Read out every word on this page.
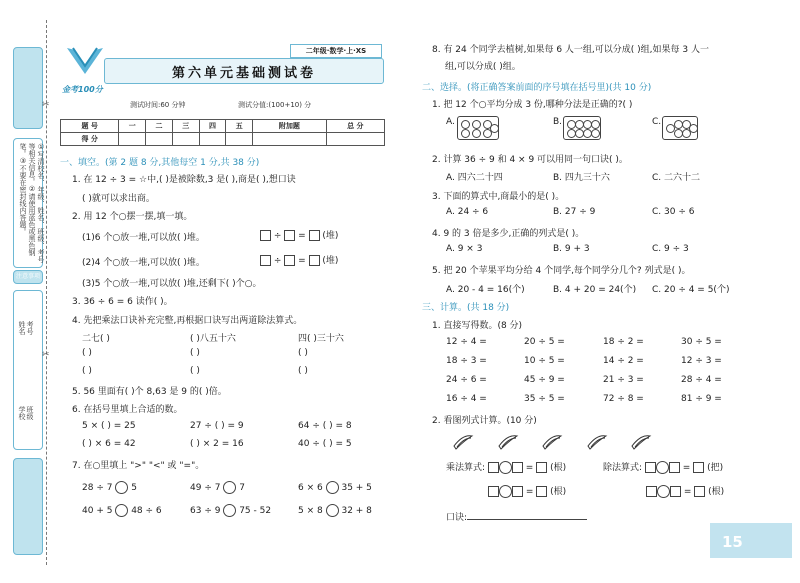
①写清校名、年级、姓名、班级、考号等相关信息。②请使用蓝色或黑色钢笔。③不要在密封线内答题。
注意事项
学校 班级
姓名 考号
✂
✂
金考100分
第六单元基础测试卷
二年级·数学·上·XS
测试时间:60 分钟	测试分值:(100+10) 分
题 号	一	二	三	四	五	附加题	总 分
得 分							
一、填空。(第 2 题 8 分,其他每空 1 分,共 38 分)
1. 在 12 ÷ 3 = ☆中,( )是被除数,3 是( ),商是( ),想口诀
( )就可以求出商。
2. 用 12 个○摆一摆,填一填。
(1)6 个○放一堆,可以放( )堆。	÷  =  (堆)
(2)4 个○放一堆,可以放( )堆。	÷  =  (堆)
(3)5 个○放一堆,可以放( )堆,还剩下( )个○。
3. 36 ÷ 6 = 6 读作( )。
4. 先把乘法口诀补充完整,再根据口诀写出两道除法算式。
二七( )	( )八五十六	四( )三十六
( )	( )	( )
( )	( )	( )
5. 56 里面有( )个 8,63 是 9 的( )倍。
6. 在括号里填上合适的数。
5 × ( ) = 25	27 ÷ ( ) = 9	64 ÷ ( ) = 8
( ) × 6 = 42	( ) × 2 = 16	40 ÷ ( ) = 5
7. 在○里填上 ">" "<" 或 "="。
28 ÷ 7 5	49 ÷ 7 7	6 × 6 35 + 5
40 + 5 48 ÷ 6	63 ÷ 9 75 - 52	5 × 8 32 + 8
8. 有 24 个同学去植树,如果每 6 人一组,可以分成( )组,如果每 3 人一
组,可以分成( )组。
二、选择。(将正确答案前面的序号填在括号里)(共 10 分)
1. 把 12 个○平均分成 3 份,哪种分法是正确的?( )
A.	B.	C.
2. 计算 36 ÷ 9 和 4 × 9 可以用同一句口诀( )。
A. 四六二十四	B. 四九三十六	C. 二六十二
3. 下面的算式中,商最小的是( )。
A. 24 ÷ 6	B. 27 ÷ 9	C. 30 ÷ 6
4. 9 的 3 倍是多少,正确的列式是( )。
A. 9 × 3	B. 9 + 3	C. 9 ÷ 3
5. 把 20 个苹果平均分给 4 个同学,每个同学分几个? 列式是( )。
A. 20 - 4 = 16(个)	B. 4 + 20 = 24(个) C. 20 ÷ 4 = 5(个)
三、计算。(共 18 分)
1. 直接写得数。(8 分)
12 ÷ 4 =	20 ÷ 5 =	18 ÷ 2 =	30 ÷ 5 =
18 ÷ 3 =	10 ÷ 5 =	14 ÷ 2 =	12 ÷ 3 =
24 ÷ 6 =	45 ÷ 9 =	21 ÷ 3 =	28 ÷ 4 =
16 ÷ 4 =	35 ÷ 5 =	72 ÷ 8 =	81 ÷ 9 =
2. 看图列式计算。(10 分)
乘法算式:	=  (根)	除法算式:	=  (把)
=  (根)	=  (根)
口诀:
15
